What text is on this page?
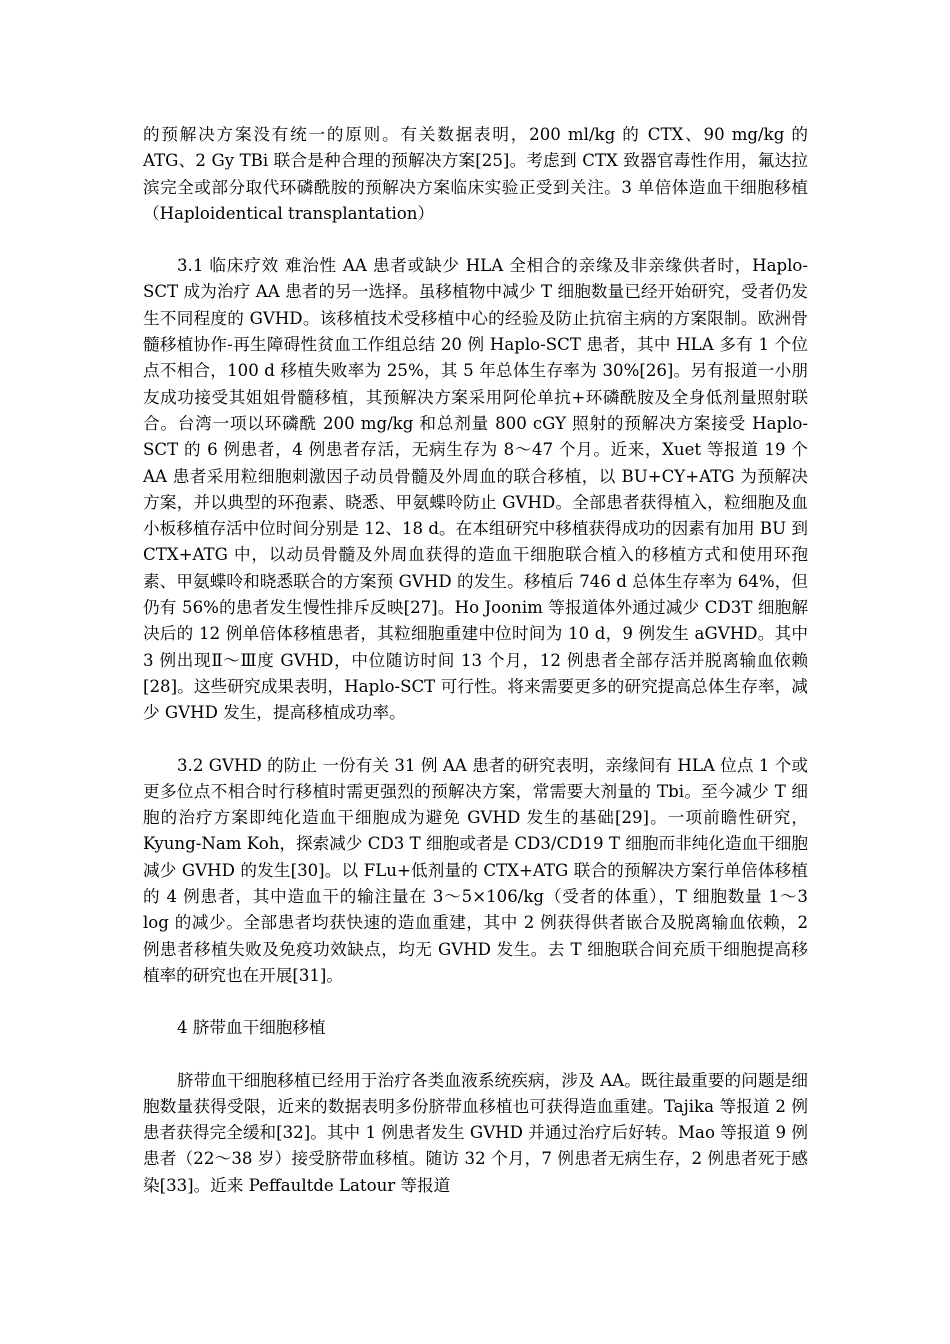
的预解决方案没有统一的原则。有关数据表明，200 ml/kg 的 CTX、90 mg/kg 的 ATG、2 Gy TBi 联合是种合理的预解决方案[25]。考虑到 CTX 致器官毒性作用，氟达拉滨完全或部分取代环磷酰胺的预解决方案临床实验正受到关注。3 单倍体造血干细胞移植（Haploidentical transplantation）

3.1 临床疗效 难治性 AA 患者或缺少 HLA 全相合的亲缘及非亲缘供者时，Haplo-SCT 成为治疗 AA 患者的另一选择。虽移植物中减少 T 细胞数量已经开始研究，受者仍发生不同程度的 GVHD。该移植技术受移植中心的经验及防止抗宿主病的方案限制。欧洲骨髓移植协作-再生障碍性贫血工作组总结 20 例 Haplo-SCT 患者，其中 HLA 多有 1 个位点不相合，100 d 移植失败率为 25%，其 5 年总体生存率为 30%[26]。另有报道一小朋友成功接受其姐姐骨髓移植，其预解决方案采用阿伦单抗+环磷酰胺及全身低剂量照射联合。台湾一项以环磷酰 200 mg/kg 和总剂量 800 cGY 照射的预解决方案接受 Haplo-SCT 的 6 例患者，4 例患者存活，无病生存为 8～47 个月。近来，Xuet 等报道 19 个 AA 患者采用粒细胞刺激因子动员骨髓及外周血的联合移植，以 BU+CY+ATG 为预解决方案，并以典型的环孢素、晓悉、甲氨蝶呤防止 GVHD。全部患者获得植入，粒细胞及血小板移植存活中位时间分别是 12、18 d。在本组研究中移植获得成功的因素有加用 BU 到 CTX+ATG 中，以动员骨髓及外周血获得的造血干细胞联合植入的移植方式和使用环孢素、甲氨蝶呤和晓悉联合的方案预 GVHD 的发生。移植后 746 d 总体生存率为 64%，但仍有 56%的患者发生慢性排斥反映[27]。Ho Joonim 等报道体外通过减少 CD3T 细胞解决后的 12 例单倍体移植患者，其粒细胞重建中位时间为 10 d，9 例发生 aGVHD。其中 3 例出现Ⅱ～Ⅲ度 GVHD，中位随访时间 13 个月，12 例患者全部存活并脱离输血依赖[28]。这些研究成果表明，Haplo-SCT 可行性。将来需要更多的研究提高总体生存率，减少 GVHD 发生，提高移植成功率。

3.2 GVHD 的防止 一份有关 31 例 AA 患者的研究表明，亲缘间有 HLA 位点 1 个或更多位点不相合时行移植时需更强烈的预解决方案，常需要大剂量的 Tbi。至今减少 T 细胞的治疗方案即纯化造血干细胞成为避免 GVHD 发生的基础[29]。一项前瞻性研究，Kyung-Nam Koh，探索减少 CD3 T 细胞或者是 CD3/CD19 T 细胞而非纯化造血干细胞减少 GVHD 的发生[30]。以 FLu+低剂量的 CTX+ATG 联合的预解决方案行单倍体移植的 4 例患者，其中造血干的输注量在 3～5×106/kg（受者的体重），T 细胞数量 1～3 log 的减少。全部患者均获快速的造血重建，其中 2 例获得供者嵌合及脱离输血依赖，2 例患者移植失败及免疫功效缺点，均无 GVHD 发生。去 T 细胞联合间充质干细胞提高移植率的研究也在开展[31]。

4 脐带血干细胞移植

脐带血干细胞移植已经用于治疗各类血液系统疾病，涉及 AA。既往最重要的问题是细胞数量获得受限，近来的数据表明多份脐带血移植也可获得造血重建。Tajika 等报道 2 例患者获得完全缓和[32]。其中 1 例患者发生 GVHD 并通过治疗后好转。Mao 等报道 9 例患者（22～38 岁）接受脐带血移植。随访 32 个月，7 例患者无病生存，2 例患者死于感染[33]。近来 Peffaultde Latour 等报道
